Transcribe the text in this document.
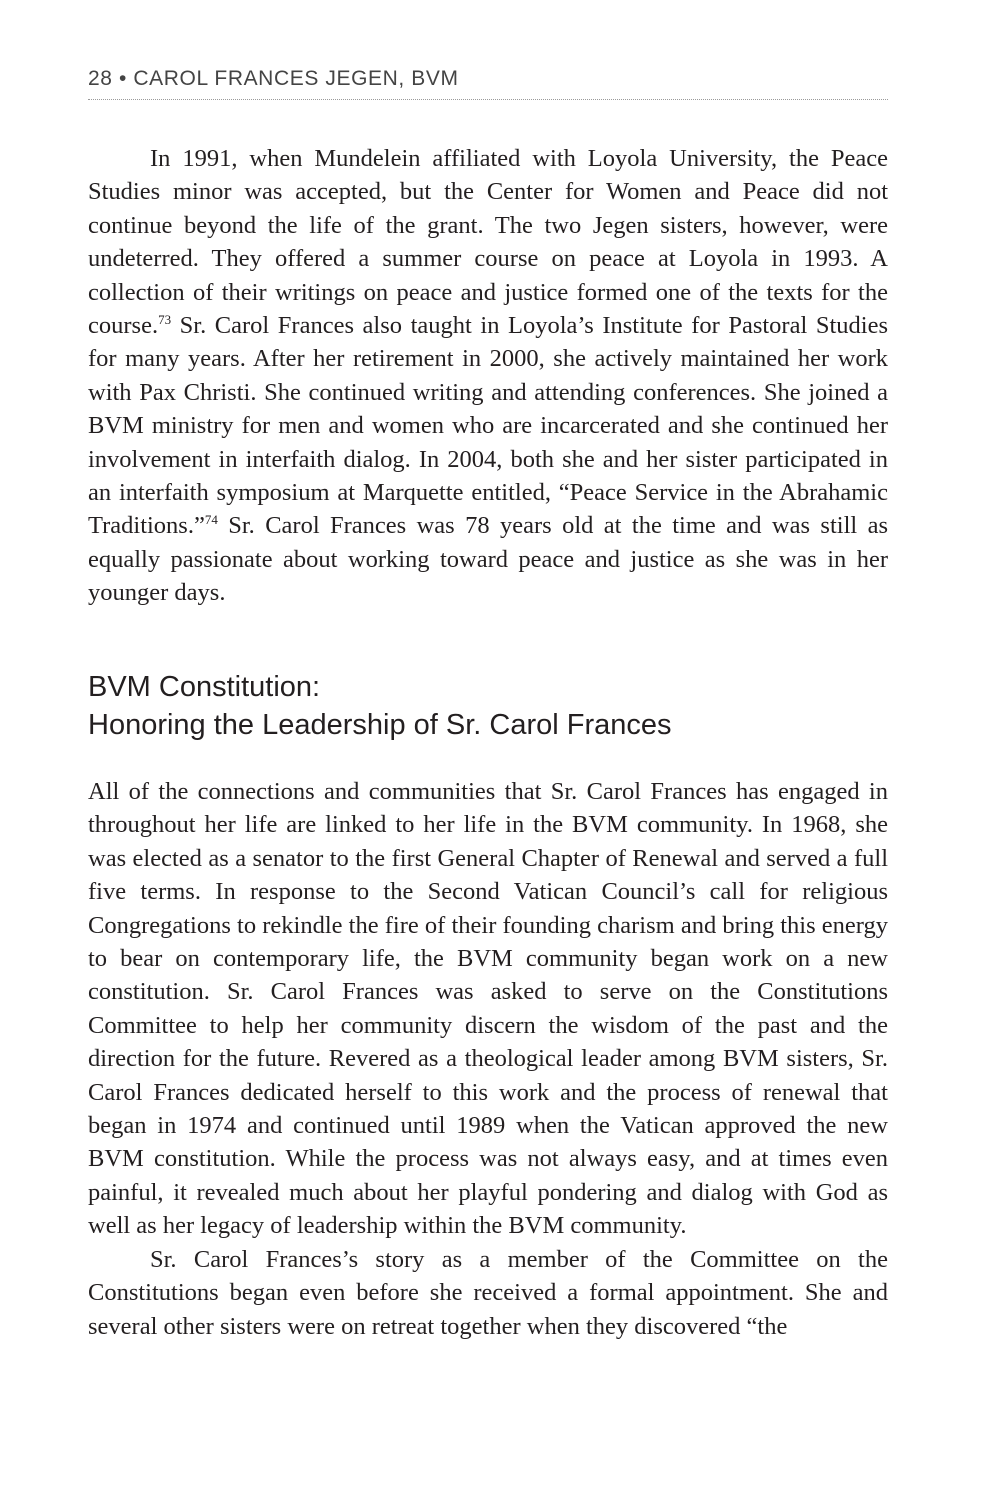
28 • CAROL FRANCES JEGEN, BVM

In 1991, when Mundelein affiliated with Loyola University, the Peace Studies minor was accepted, but the Center for Women and Peace did not continue beyond the life of the grant. The two Jegen sisters, however, were undeterred. They offered a summer course on peace at Loyola in 1993. A collection of their writings on peace and justice formed one of the texts for the course.$^{73}$ Sr. Carol Frances also taught in Loyola’s Institute for Pastoral Studies for many years. After her retirement in 2000, she actively maintained her work with Pax Christi. She continued writing and attending conferences. She joined a BVM ministry for men and women who are incarcerated and she continued her involvement in interfaith dialog. In 2004, both she and her sister participated in an interfaith symposium at Marquette entitled, “Peace Service in the Abrahamic Traditions.”$^{74}$ Sr. Carol Frances was 78 years old at the time and was still as equally passionate about working toward peace and justice as she was in her younger days.

BVM Constitution:
Honoring the Leadership of Sr. Carol Frances

All of the connections and communities that Sr. Carol Frances has engaged in throughout her life are linked to her life in the BVM community. In 1968, she was elected as a senator to the first General Chapter of Renewal and served a full five terms. In response to the Second Vatican Council’s call for religious Congregations to rekindle the fire of their founding charism and bring this energy to bear on contemporary life, the BVM community began work on a new constitution. Sr. Carol Frances was asked to serve on the Constitutions Committee to help her community discern the wisdom of the past and the direction for the future. Revered as a theological leader among BVM sisters, Sr. Carol Frances dedicated herself to this work and the process of renewal that began in 1974 and continued until 1989 when the Vatican approved the new BVM constitution. While the process was not always easy, and at times even painful, it revealed much about her playful pondering and dialog with God as well as her legacy of leadership within the BVM community.

Sr. Carol Frances’s story as a member of the Committee on the Constitutions began even before she received a formal appointment. She and several other sisters were on retreat together when they discovered “the
